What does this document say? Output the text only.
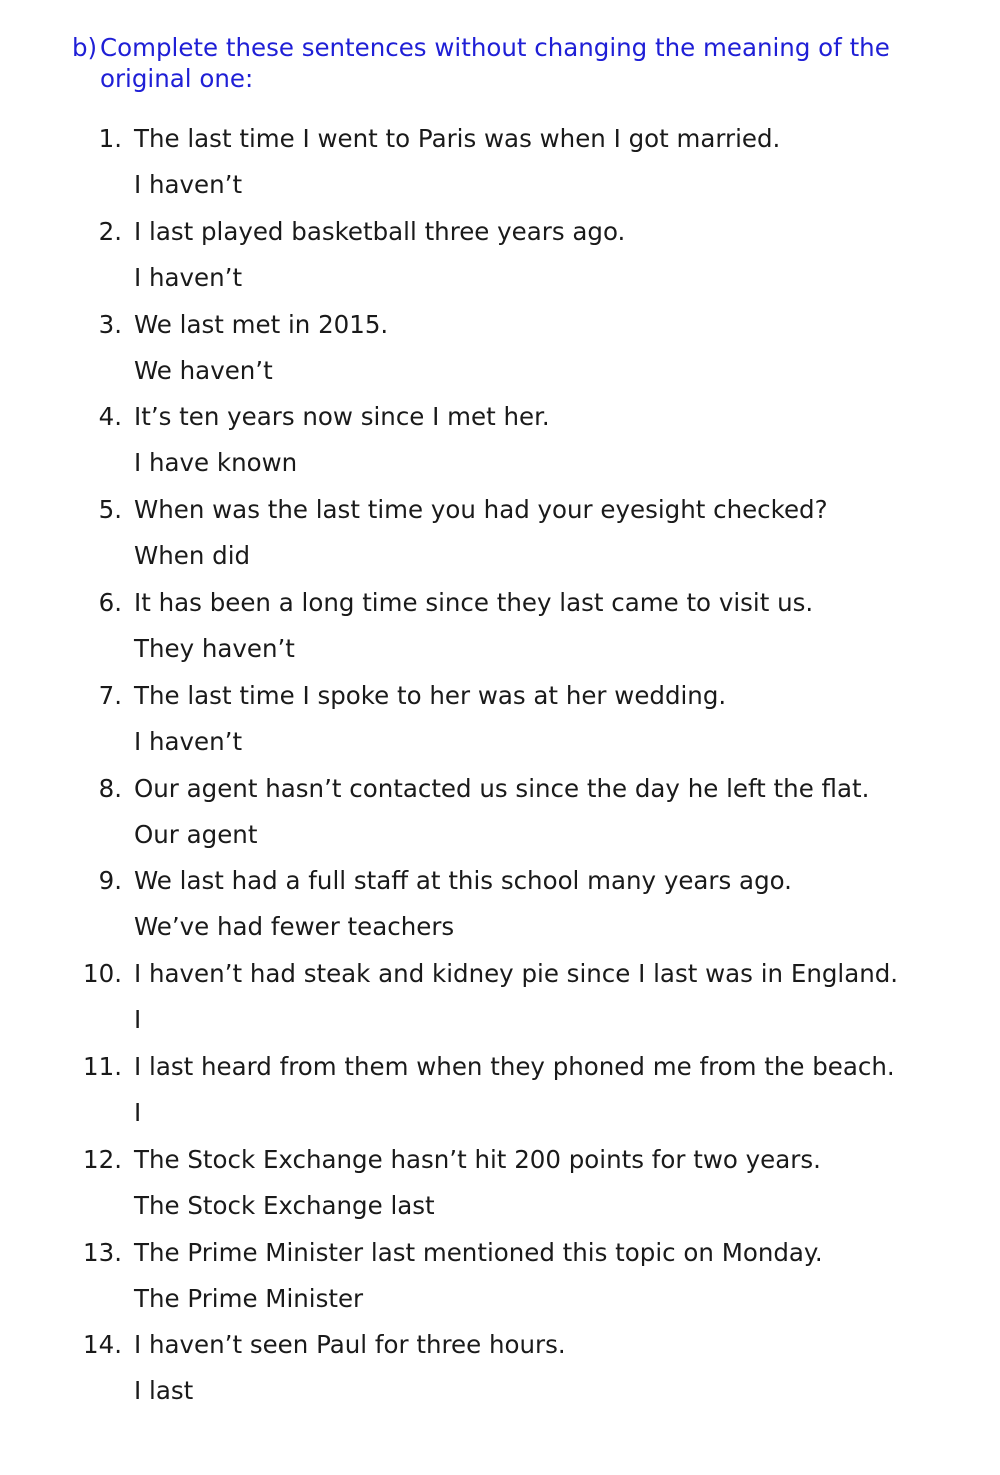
b) Complete these sentences without changing the meaning of the original one:
1. The last time I went to Paris was when I got married.
I haven’t
2. I last played basketball three years ago.
I haven’t
3. We last met in 2015.
We haven’t
4. It’s ten years now since I met her.
I have known
5. When was the last time you had your eyesight checked?
When did
6. It has been a long time since they last came to visit us.
They haven’t
7. The last time I spoke to her was at her wedding.
I haven’t
8. Our agent hasn’t contacted us since the day he left the flat.
Our agent
9. We last had a full staff at this school many years ago.
We’ve had fewer teachers
10. I haven’t had steak and kidney pie since I last was in England.
I
11. I last heard from them when they phoned me from the beach.
I
12. The Stock Exchange hasn’t hit 200 points for two years.
The Stock Exchange last
13. The Prime Minister last mentioned this topic on Monday.
The Prime Minister
14. I haven’t seen Paul for three hours.
I last
